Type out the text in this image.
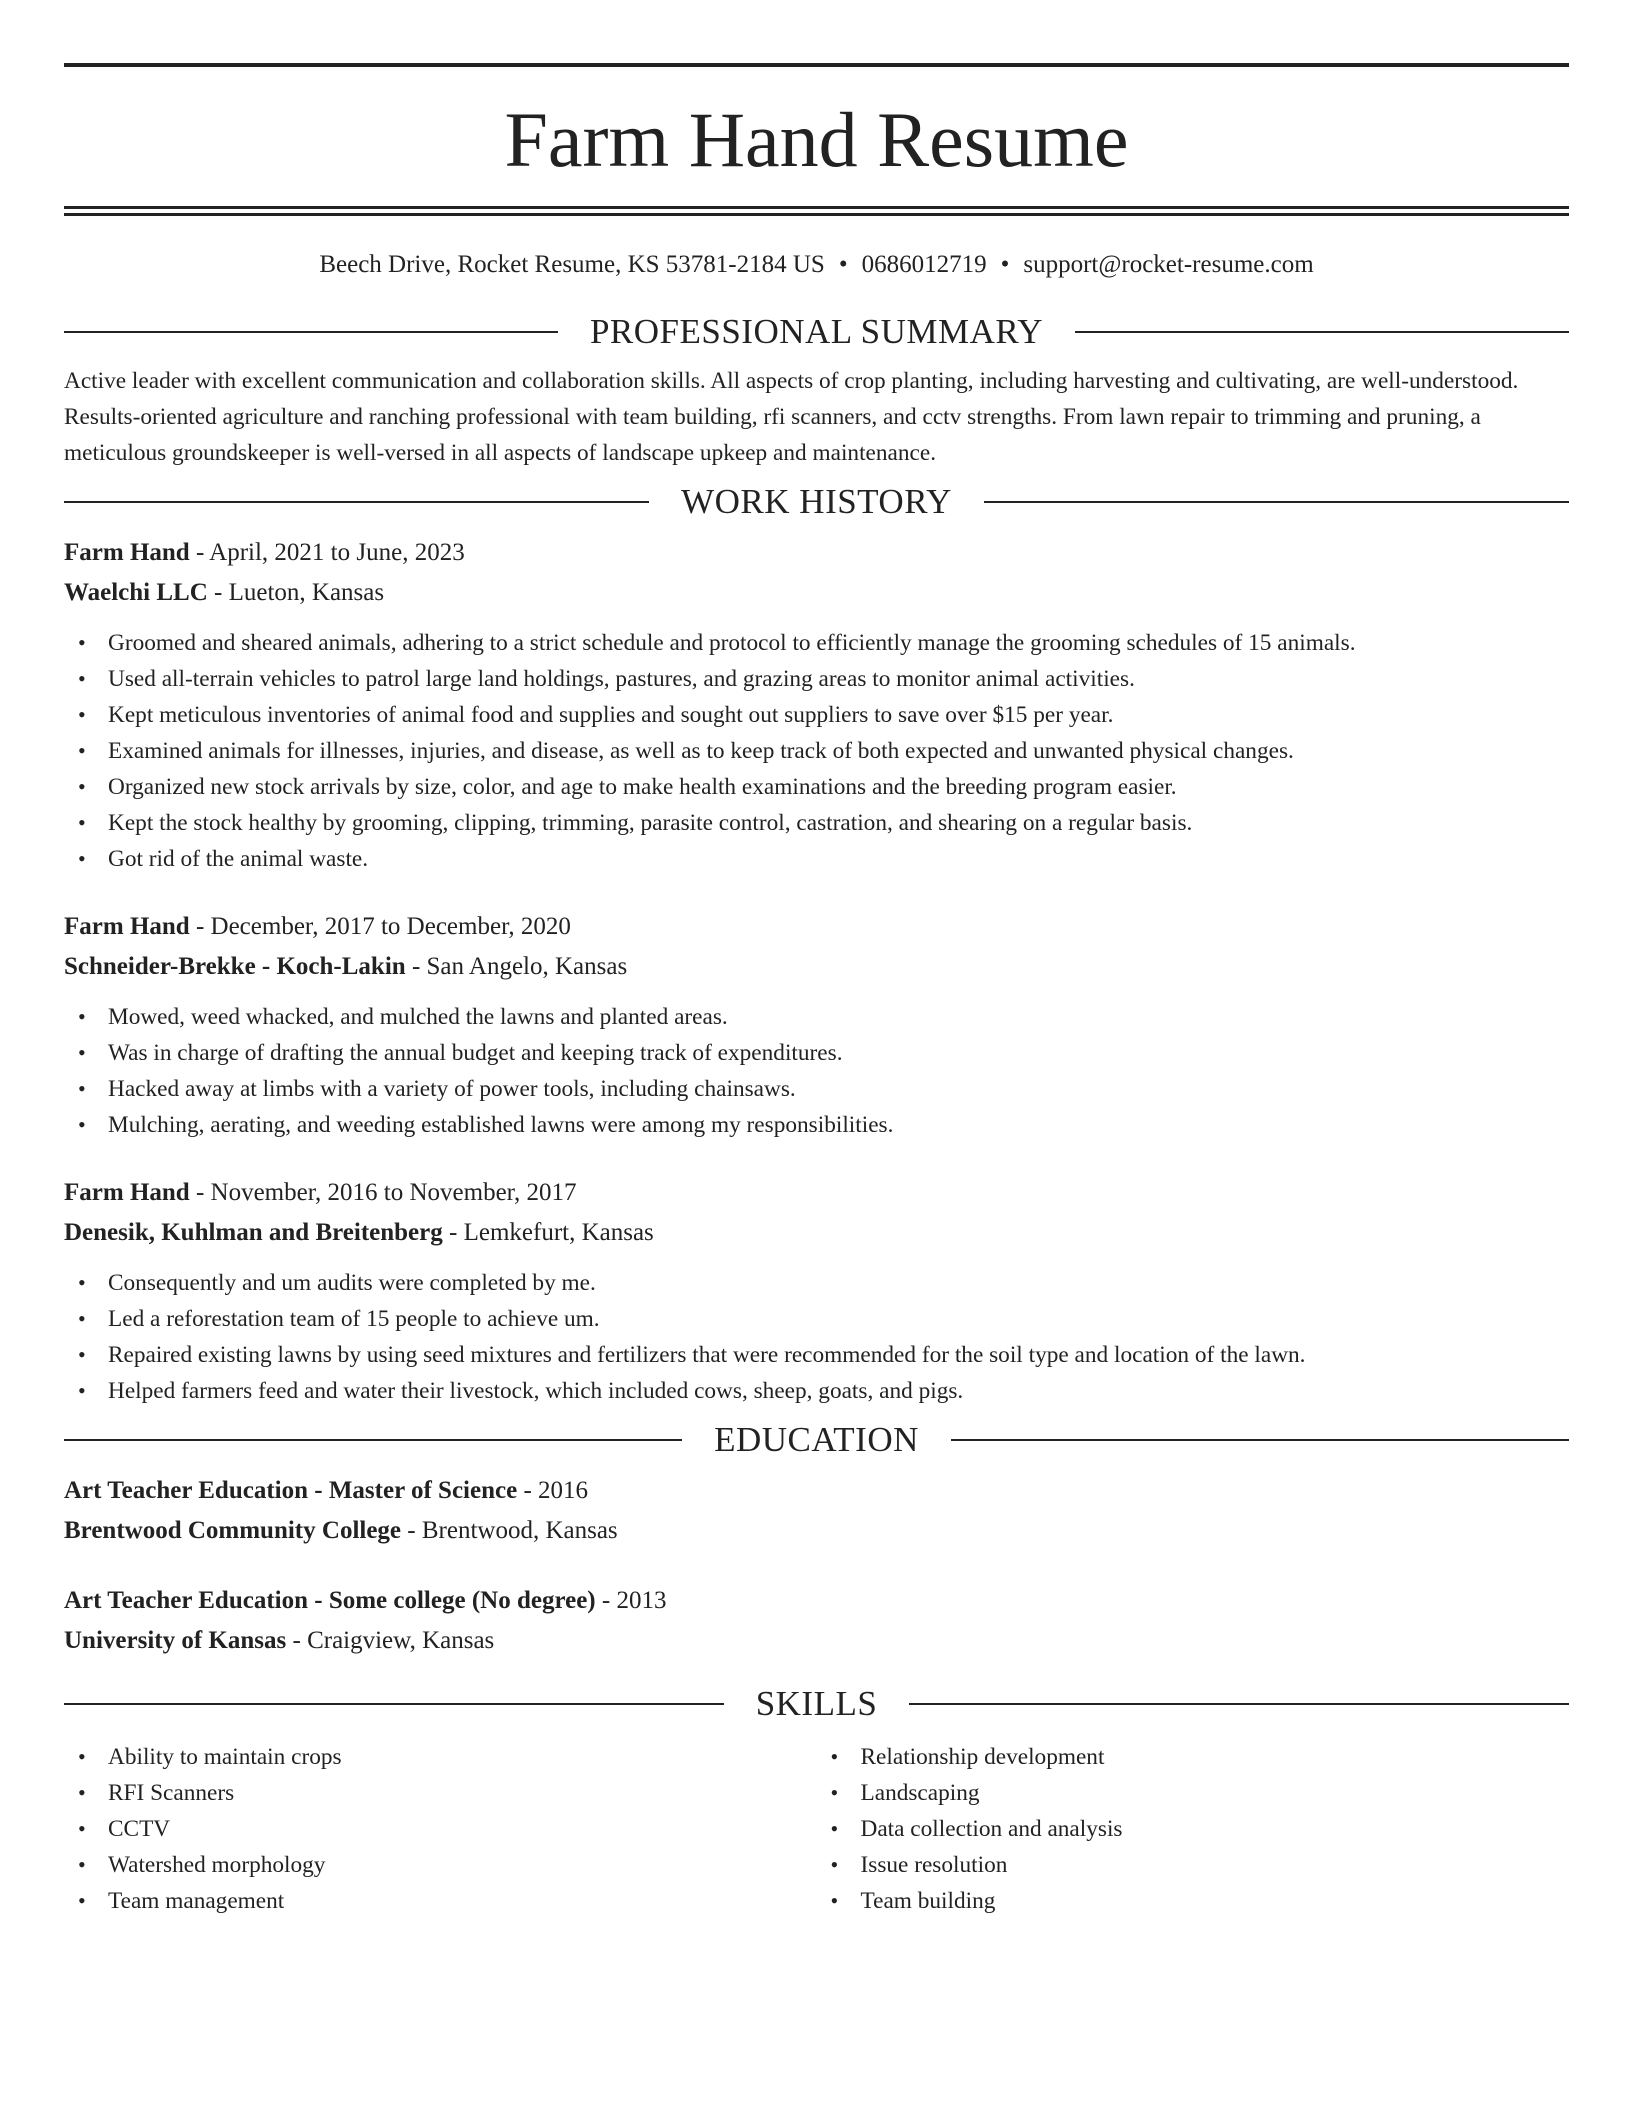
Farm Hand Resume
Beech Drive, Rocket Resume, KS 53781-2184 US • 0686012719 • support@rocket-resume.com
PROFESSIONAL SUMMARY

Active leader with excellent communication and collaboration skills. All aspects of crop planting, including harvesting and cultivating, are well-understood. Results-oriented agriculture and ranching professional with team building, rfi scanners, and cctv strengths. From lawn repair to trimming and pruning, a meticulous groundskeeper is well-versed in all aspects of landscape upkeep and maintenance.

WORK HISTORY
Farm Hand - April, 2021 to June, 2023
Waelchi LLC - Lueton, Kansas
• Groomed and sheared animals, adhering to a strict schedule and protocol to efficiently manage the grooming schedules of 15 animals.
• Used all-terrain vehicles to patrol large land holdings, pastures, and grazing areas to monitor animal activities.
• Kept meticulous inventories of animal food and supplies and sought out suppliers to save over $15 per year.
• Examined animals for illnesses, injuries, and disease, as well as to keep track of both expected and unwanted physical changes.
• Organized new stock arrivals by size, color, and age to make health examinations and the breeding program easier.
• Kept the stock healthy by grooming, clipping, trimming, parasite control, castration, and shearing on a regular basis.
• Got rid of the animal waste.
Farm Hand - December, 2017 to December, 2020
Schneider-Brekke - Koch-Lakin - San Angelo, Kansas
• Mowed, weed whacked, and mulched the lawns and planted areas.
• Was in charge of drafting the annual budget and keeping track of expenditures.
• Hacked away at limbs with a variety of power tools, including chainsaws.
• Mulching, aerating, and weeding established lawns were among my responsibilities.
Farm Hand - November, 2016 to November, 2017
Denesik, Kuhlman and Breitenberg - Lemkefurt, Kansas
• Consequently and um audits were completed by me.
• Led a reforestation team of 15 people to achieve um.
• Repaired existing lawns by using seed mixtures and fertilizers that were recommended for the soil type and location of the lawn.
• Helped farmers feed and water their livestock, which included cows, sheep, goats, and pigs.
EDUCATION
Art Teacher Education - Master of Science - 2016
Brentwood Community College - Brentwood, Kansas
Art Teacher Education - Some college (No degree) - 2013
University of Kansas - Craigview, Kansas
SKILLS
• Ability to maintain crops
• RFI Scanners
• CCTV
• Watershed morphology
• Team management
• Relationship development
• Landscaping
• Data collection and analysis
• Issue resolution
• Team building
